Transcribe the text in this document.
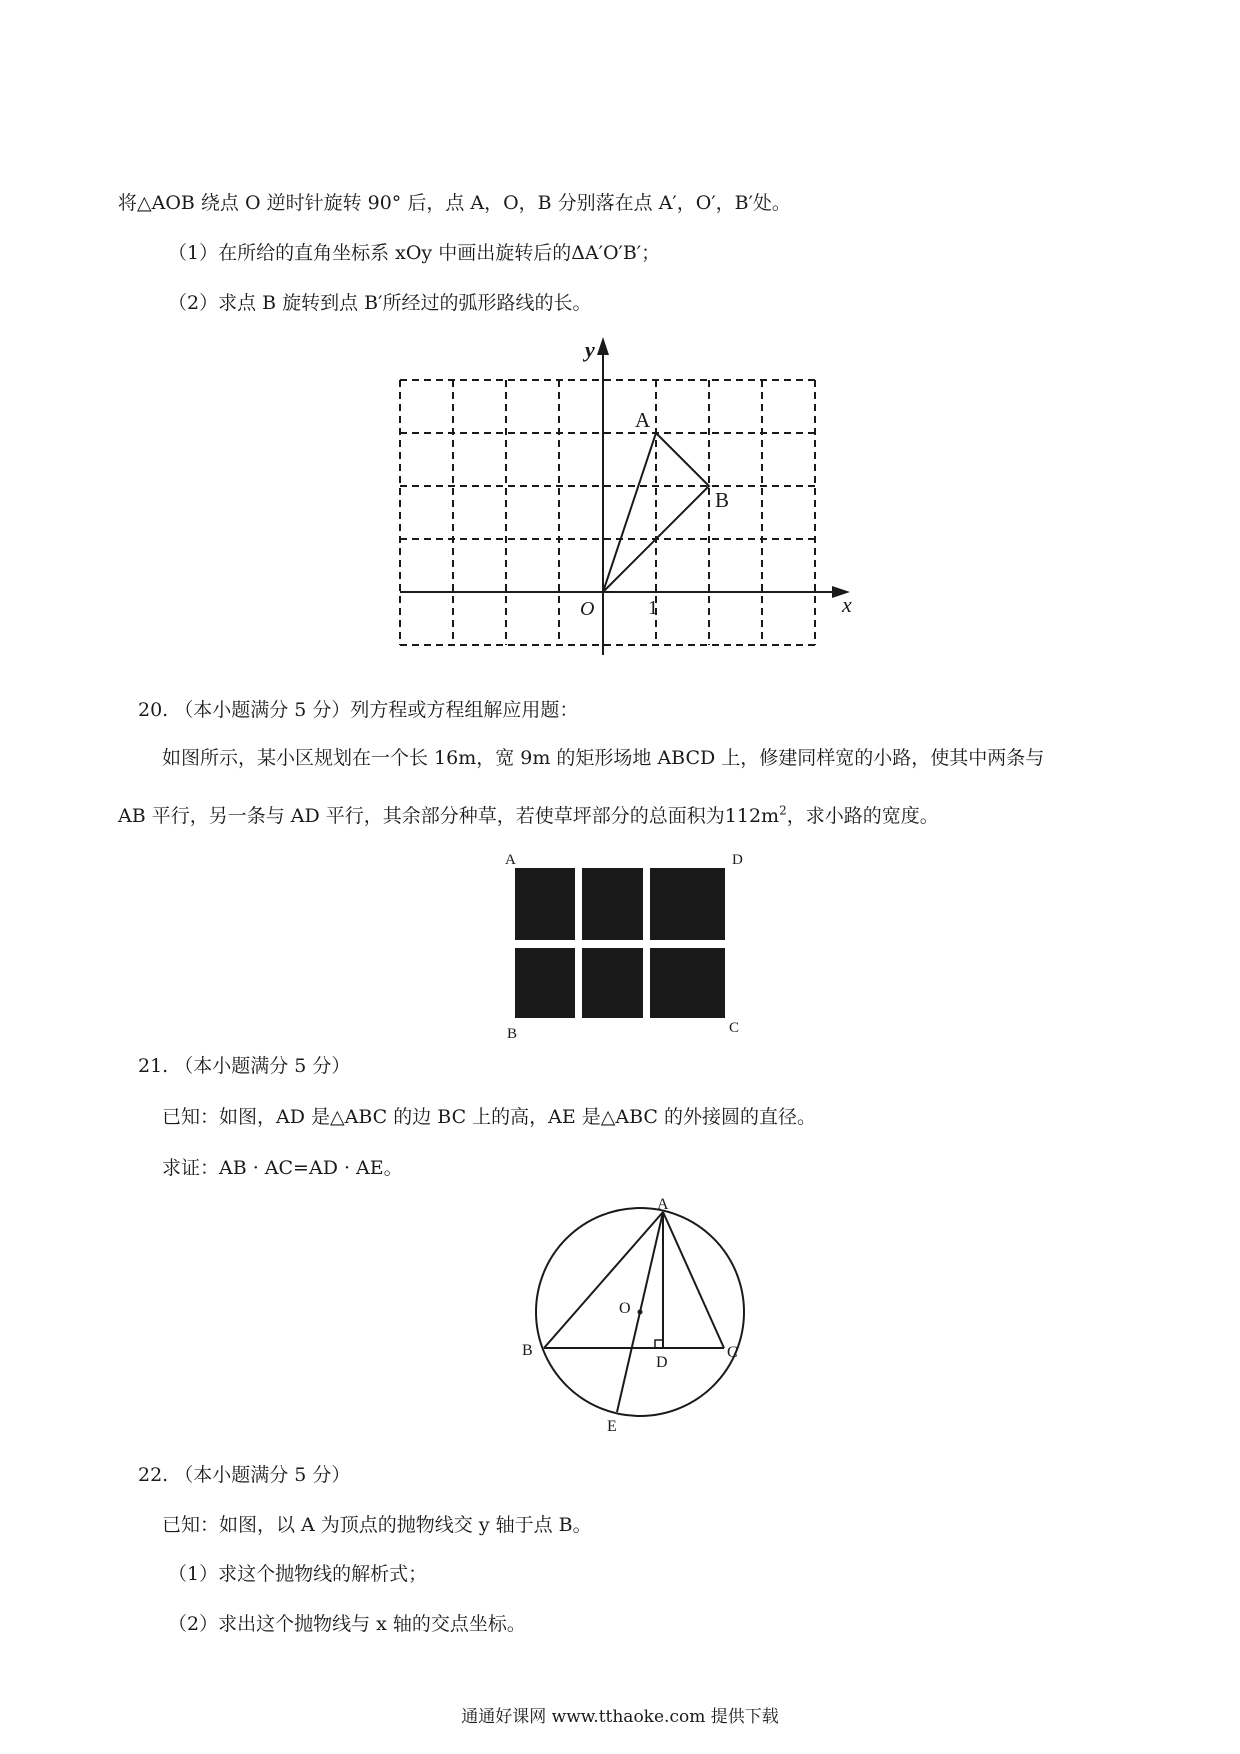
将△AOB 绕点 O 逆时针旋转 90° 后，点 A，O，B 分别落在点 A′，O′，B′处。
（1）在所给的直角坐标系 xOy 中画出旋转后的ΔA′O′B′；
（2）求点 B 旋转到点 B′所经过的弧形路线的长。
y
x
O	1
A
B
20. （本小题满分 5 分）列方程或方程组解应用题：
如图所示，某小区规划在一个长 16m，宽 9m 的矩形场地 ABCD 上，修建同样宽的小路，使其中两条与
AB 平行，另一条与 AD 平行，其余部分种草，若使草坪部分的总面积为$112m^2$，求小路的宽度。
A	D
B	C
21. （本小题满分 5 分）
已知：如图，AD 是△ABC 的边 BC 上的高，AE 是△ABC 的外接圆的直径。
求证：AB · AC=AD · AE。
A
B	C
D
E
O
22. （本小题满分 5 分）
已知：如图，以 A 为顶点的抛物线交 y 轴于点 B。
（1）求这个抛物线的解析式；
（2）求出这个抛物线与 x 轴的交点坐标。
通通好课网 www.tthaoke.com 提供下载
